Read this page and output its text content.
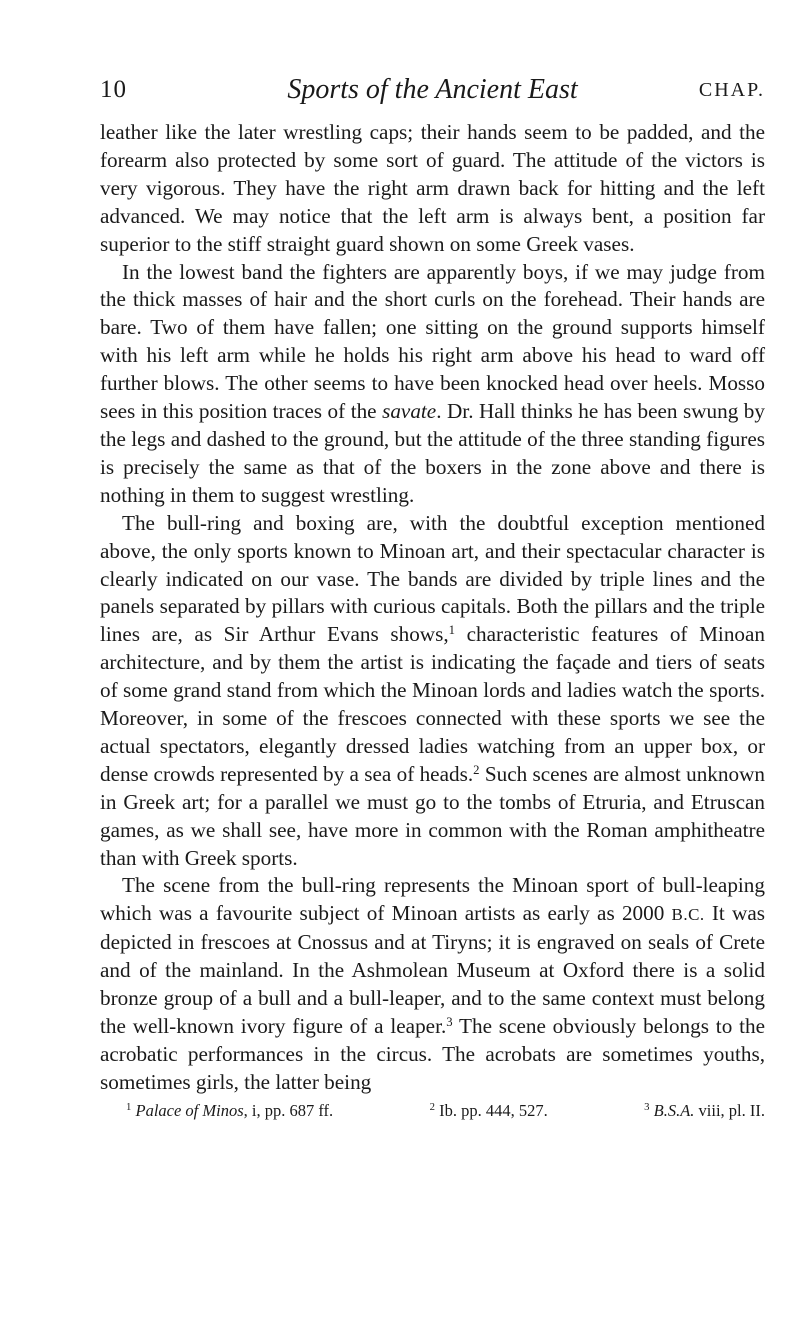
10	Sports of the Ancient East	CHAP.

leather like the later wrestling caps; their hands seem to be padded, and the forearm also protected by some sort of guard. The attitude of the victors is very vigorous. They have the right arm drawn back for hitting and the left advanced. We may notice that the left arm is always bent, a position far superior to the stiff straight guard shown on some Greek vases.

In the lowest band the fighters are apparently boys, if we may judge from the thick masses of hair and the short curls on the forehead. Their hands are bare. Two of them have fallen; one sitting on the ground supports himself with his left arm while he holds his right arm above his head to ward off further blows. The other seems to have been knocked head over heels. Mosso sees in this position traces of the savate. Dr. Hall thinks he has been swung by the legs and dashed to the ground, but the attitude of the three standing figures is precisely the same as that of the boxers in the zone above and there is nothing in them to suggest wrestling.

The bull-ring and boxing are, with the doubtful exception mentioned above, the only sports known to Minoan art, and their spectacular character is clearly indicated on our vase. The bands are divided by triple lines and the panels separated by pillars with curious capitals. Both the pillars and the triple lines are, as Sir Arthur Evans shows,$^1$ characteristic features of Minoan architecture, and by them the artist is indicating the façade and tiers of seats of some grand stand from which the Minoan lords and ladies watch the sports. Moreover, in some of the frescoes connected with these sports we see the actual spectators, elegantly dressed ladies watching from an upper box, or dense crowds represented by a sea of heads.$^2$ Such scenes are almost unknown in Greek art; for a parallel we must go to the tombs of Etruria, and Etruscan games, as we shall see, have more in common with the Roman amphitheatre than with Greek sports.

The scene from the bull-ring represents the Minoan sport of bull-leaping which was a favourite subject of Minoan artists as early as 2000 B.C. It was depicted in frescoes at Cnossus and at Tiryns; it is engraved on seals of Crete and of the mainland. In the Ashmolean Museum at Oxford there is a solid bronze group of a bull and a bull-leaper, and to the same context must belong the well-known ivory figure of a leaper.$^3$ The scene obviously belongs to the acrobatic performances in the circus. The acrobats are sometimes youths, sometimes girls, the latter being

$^1$ Palace of Minos, i, pp. 687 ff.	$^2$ Ib. pp. 444, 527.	$^3$ B.S.A. viii, pl. II.
